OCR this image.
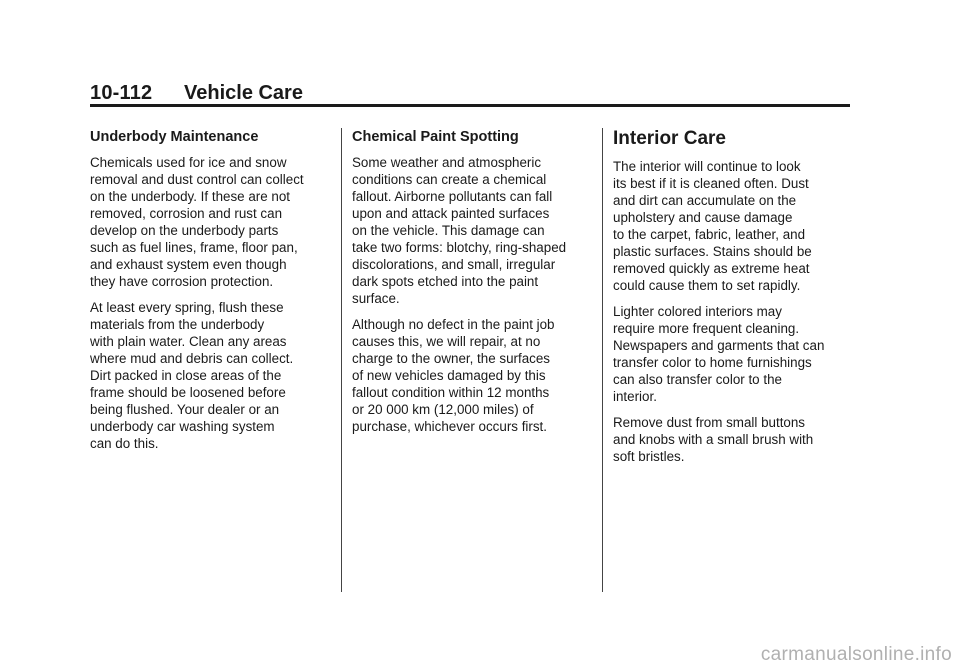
10-112 Vehicle Care
Underbody Maintenance

Chemicals used for ice and snow
removal and dust control can collect
on the underbody. If these are not
removed, corrosion and rust can
develop on the underbody parts
such as fuel lines, frame, floor pan,
and exhaust system even though
they have corrosion protection.

At least every spring, flush these
materials from the underbody
with plain water. Clean any areas
where mud and debris can collect.
Dirt packed in close areas of the
frame should be loosened before
being flushed. Your dealer or an
underbody car washing system
can do this.

Chemical Paint Spotting

Some weather and atmospheric
conditions can create a chemical
fallout. Airborne pollutants can fall
upon and attack painted surfaces
on the vehicle. This damage can
take two forms: blotchy, ring-shaped
discolorations, and small, irregular
dark spots etched into the paint
surface.

Although no defect in the paint job
causes this, we will repair, at no
charge to the owner, the surfaces
of new vehicles damaged by this
fallout condition within 12 months
or 20 000 km (12,000 miles) of
purchase, whichever occurs first.

Interior Care

The interior will continue to look
its best if it is cleaned often. Dust
and dirt can accumulate on the
upholstery and cause damage
to the carpet, fabric, leather, and
plastic surfaces. Stains should be
removed quickly as extreme heat
could cause them to set rapidly.

Lighter colored interiors may
require more frequent cleaning.
Newspapers and garments that can
transfer color to home furnishings
can also transfer color to the
interior.

Remove dust from small buttons
and knobs with a small brush with
soft bristles.

carmanualsonline.info
